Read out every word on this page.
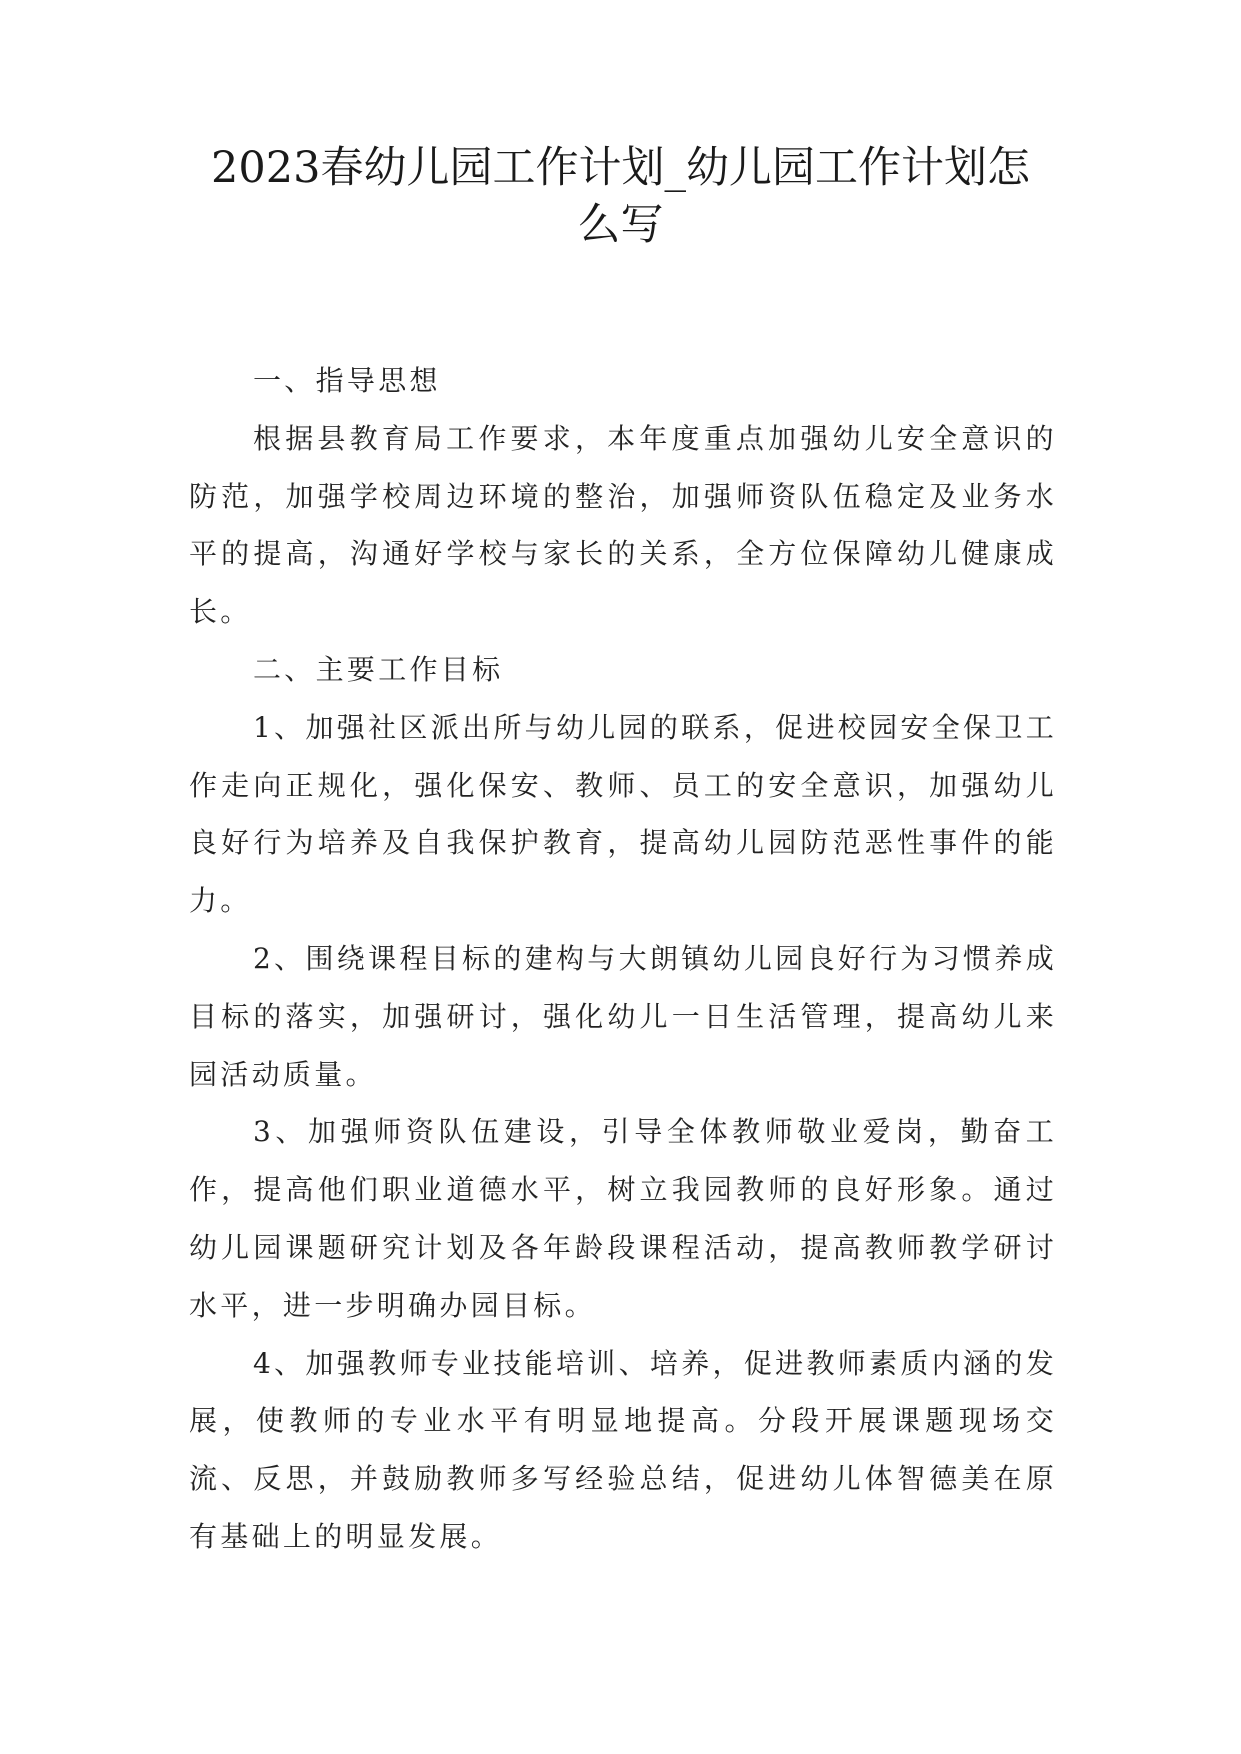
2023春幼儿园工作计划_幼儿园工作计划怎
么写

一、指导思想

根据县教育局工作要求，本年度重点加强幼儿安全意识的防范，加强学校周边环境的整治，加强师资队伍稳定及业务水平的提高，沟通好学校与家长的关系，全方位保障幼儿健康成长。

二、主要工作目标

1、加强社区派出所与幼儿园的联系，促进校园安全保卫工作走向正规化，强化保安、教师、员工的安全意识，加强幼儿良好行为培养及自我保护教育，提高幼儿园防范恶性事件的能力。

2、围绕课程目标的建构与大朗镇幼儿园良好行为习惯养成目标的落实，加强研讨，强化幼儿一日生活管理，提高幼儿来园活动质量。

3、加强师资队伍建设，引导全体教师敬业爱岗，勤奋工作，提高他们职业道德水平，树立我园教师的良好形象。通过幼儿园课题研究计划及各年龄段课程活动，提高教师教学研讨水平，进一步明确办园目标。

4、加强教师专业技能培训、培养，促进教师素质内涵的发展，使教师的专业水平有明显地提高。分段开展课题现场交流、反思，并鼓励教师多写经验总结，促进幼儿体智德美在原有基础上的明显发展。
